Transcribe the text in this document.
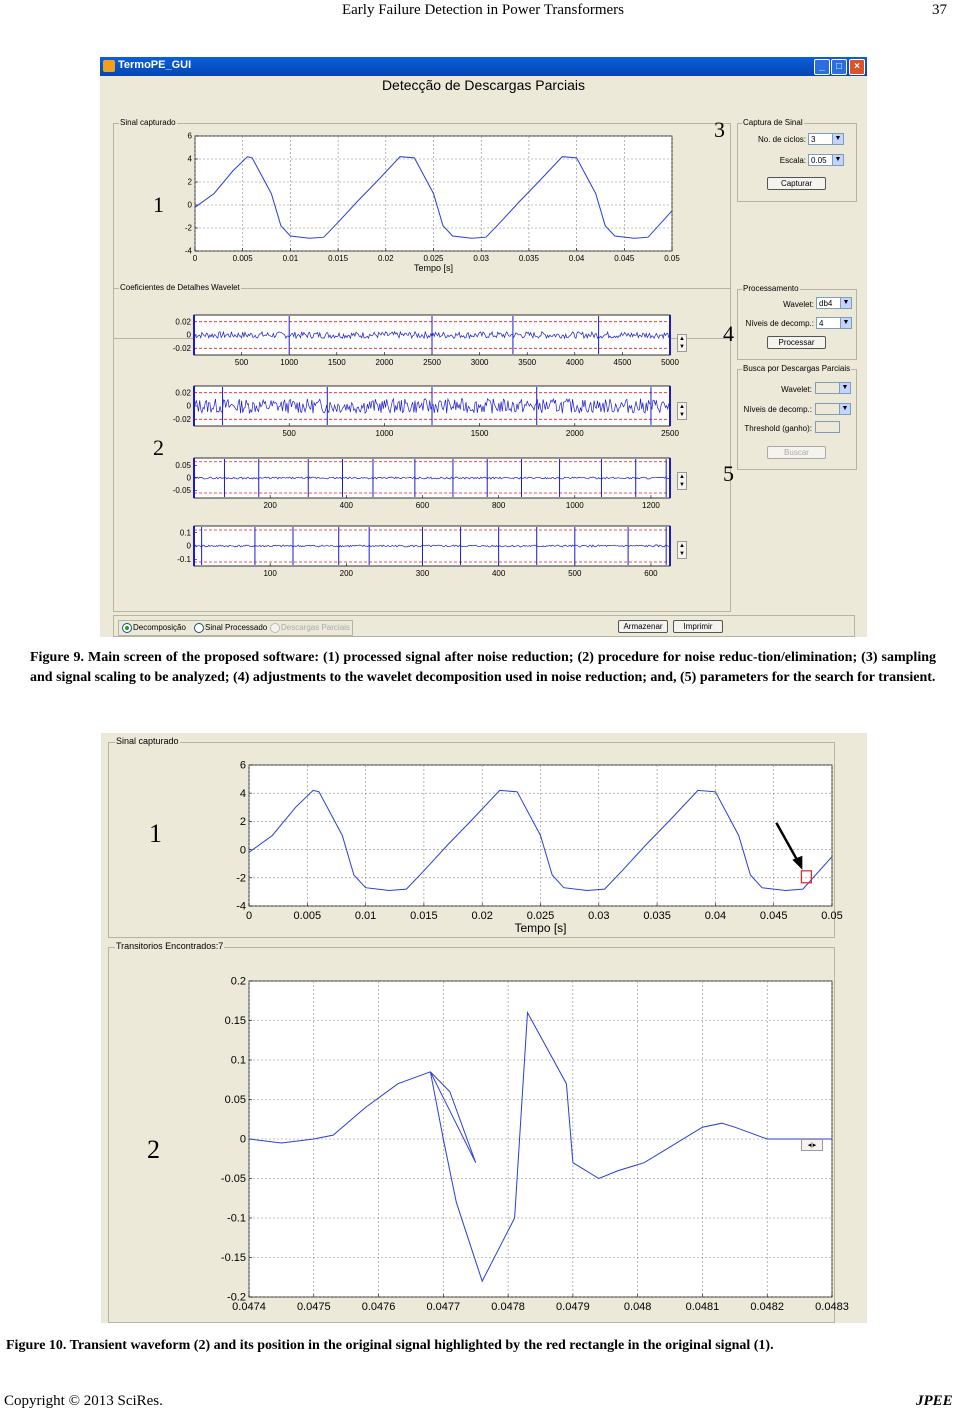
Early Failure Detection in Power Transformers	37
TermoPE_GUI	_	□	×
Detecção de Descargas Parciais
Sinal capturado
0	0.005	0.01	0.015	0.02	0.025	0.03	0.035	0.04	0.045	0.05
-4
-2
0
2
4
6
Tempo [s]
Coeficientes de Detalhes Wavelet
500	1000	1500	2000	2500	3000	3500	4000	4500	5000
0.02
0
-0.02
500	1000	1500	2000	2500
0.02
0
-0.02
200	400	600	800	1000	1200
0.05
0
-0.05
100	200	300	400	500	600
0.1
0
-0.1
▲
▼
▲
▼
▲
▼
▲
▼
Captura de Sinal
No. de ciclos: 3	▼
Escala: 0.05	▼
Capturar
Processamento
Wavelet: db4	▼
Níveis de decomp.: 4	▼
Processar
Busca por Descargas Parciais
Wavelet:	▼
Níveis de decomp.:	▼
Threshold (ganho):
Buscar
Decomposição Sinal Processado Descargas Parciais	Armazenar	Imprimir
1
2
3
4
5
Figure 9. Main screen of the proposed software: (1) processed signal after noise reduction; (2) procedure for noise reduc-tion/elimination; (3) sampling and signal scaling to be analyzed; (4) adjustments to the wavelet decomposition used in noise reduction; and, (5) parameters for the search for transient.
Sinal capturado
0	0.005	0.01	0.015	0.02	0.025	0.03	0.035	0.04	0.045	0.05
-4
-2
0
2
4
6
Tempo [s]
Transitorios Encontrados:7
0.0474	0.0475	0.0476	0.0477	0.0478	0.0479	0.048	0.0481	0.0482	0.0483
0.2
0.15
0.1
0.05
0
-0.05
-0.1
-0.15
-0.2
◂|▸
1
2
Figure 10. Transient waveform (2) and its position in the original signal highlighted by the red rectangle in the original signal (1).
Copyright © 2013 SciRes.	JPEE
